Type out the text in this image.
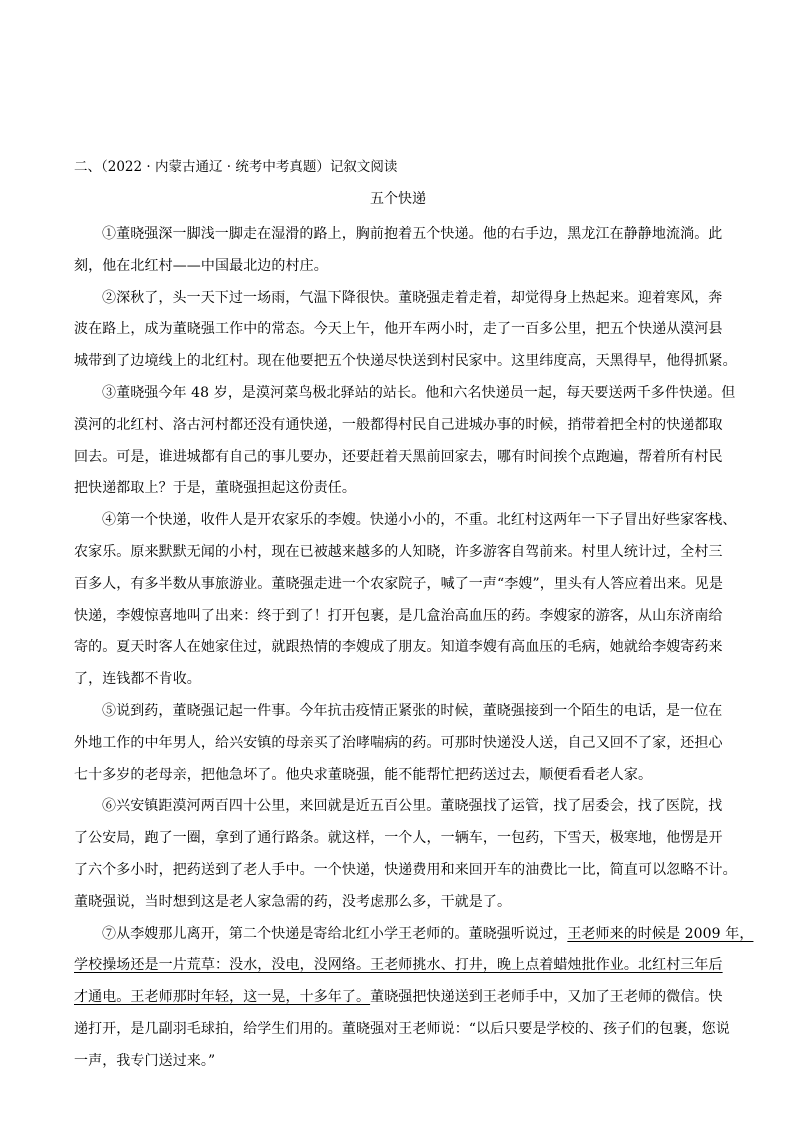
二、（2022 · 内蒙古通辽 · 统考中考真题）记叙文阅读
五个快递

①董晓强深一脚浅一脚走在湿滑的路上，胸前抱着五个快递。他的右手边，黑龙江在静静地流淌。此
刻，他在北红村——中国最北边的村庄。

②深秋了，头一天下过一场雨，气温下降很快。董晓强走着走着，却觉得身上热起来。迎着寒风，奔
波在路上，成为董晓强工作中的常态。今天上午，他开车两小时，走了一百多公里，把五个快递从漠河县
城带到了边境线上的北红村。现在他要把五个快递尽快送到村民家中。这里纬度高，天黑得早，他得抓紧。

③董晓强今年 48 岁，是漠河菜鸟极北驿站的站长。他和六名快递员一起，每天要送两千多件快递。但
漠河的北红村、洛古河村都还没有通快递，一般都得村民自己进城办事的时候，捎带着把全村的快递都取
回去。可是，谁进城都有自己的事儿要办，还要赶着天黑前回家去，哪有时间挨个点跑遍，帮着所有村民
把快递都取上？于是，董晓强担起这份责任。

④第一个快递，收件人是开农家乐的李嫂。快递小小的，不重。北红村这两年一下子冒出好些家客栈、
农家乐。原来默默无闻的小村，现在已被越来越多的人知晓，许多游客自驾前来。村里人统计过，全村三
百多人，有多半数从事旅游业。董晓强走进一个农家院子，喊了一声“李嫂”，里头有人答应着出来。见是
快递，李嫂惊喜地叫了出来：终于到了！打开包裹，是几盒治高血压的药。李嫂家的游客，从山东济南给
寄的。夏天时客人在她家住过，就跟热情的李嫂成了朋友。知道李嫂有高血压的毛病，她就给李嫂寄药来
了，连钱都不肯收。

⑤说到药，董晓强记起一件事。今年抗击疫情正紧张的时候，董晓强接到一个陌生的电话，是一位在
外地工作的中年男人，给兴安镇的母亲买了治哮喘病的药。可那时快递没人送，自己又回不了家，还担心
七十多岁的老母亲，把他急坏了。他央求董晓强，能不能帮忙把药送过去，顺便看看老人家。

⑥兴安镇距漠河两百四十公里，来回就是近五百公里。董晓强找了运管，找了居委会，找了医院，找
了公安局，跑了一圈，拿到了通行路条。就这样，一个人，一辆车，一包药，下雪天，极寒地，他愣是开
了六个多小时，把药送到了老人手中。一个快递，快递费用和来回开车的油费比一比，简直可以忽略不计。
董晓强说，当时想到这是老人家急需的药，没考虑那么多，干就是了。

⑦从李嫂那儿离开，第二个快递是寄给北红小学王老师的。董晓强听说过，王老师来的时候是 2009 年，
学校操场还是一片荒草：没水，没电，没网络。王老师挑水、打井，晚上点着蜡烛批作业。北红村三年后
才通电。王老师那时年轻，这一晃，十多年了。董晓强把快递送到王老师手中，又加了王老师的微信。快
递打开，是几副羽毛球拍，给学生们用的。董晓强对王老师说：“以后只要是学校的、孩子们的包裹，您说
一声，我专门送过来。”
